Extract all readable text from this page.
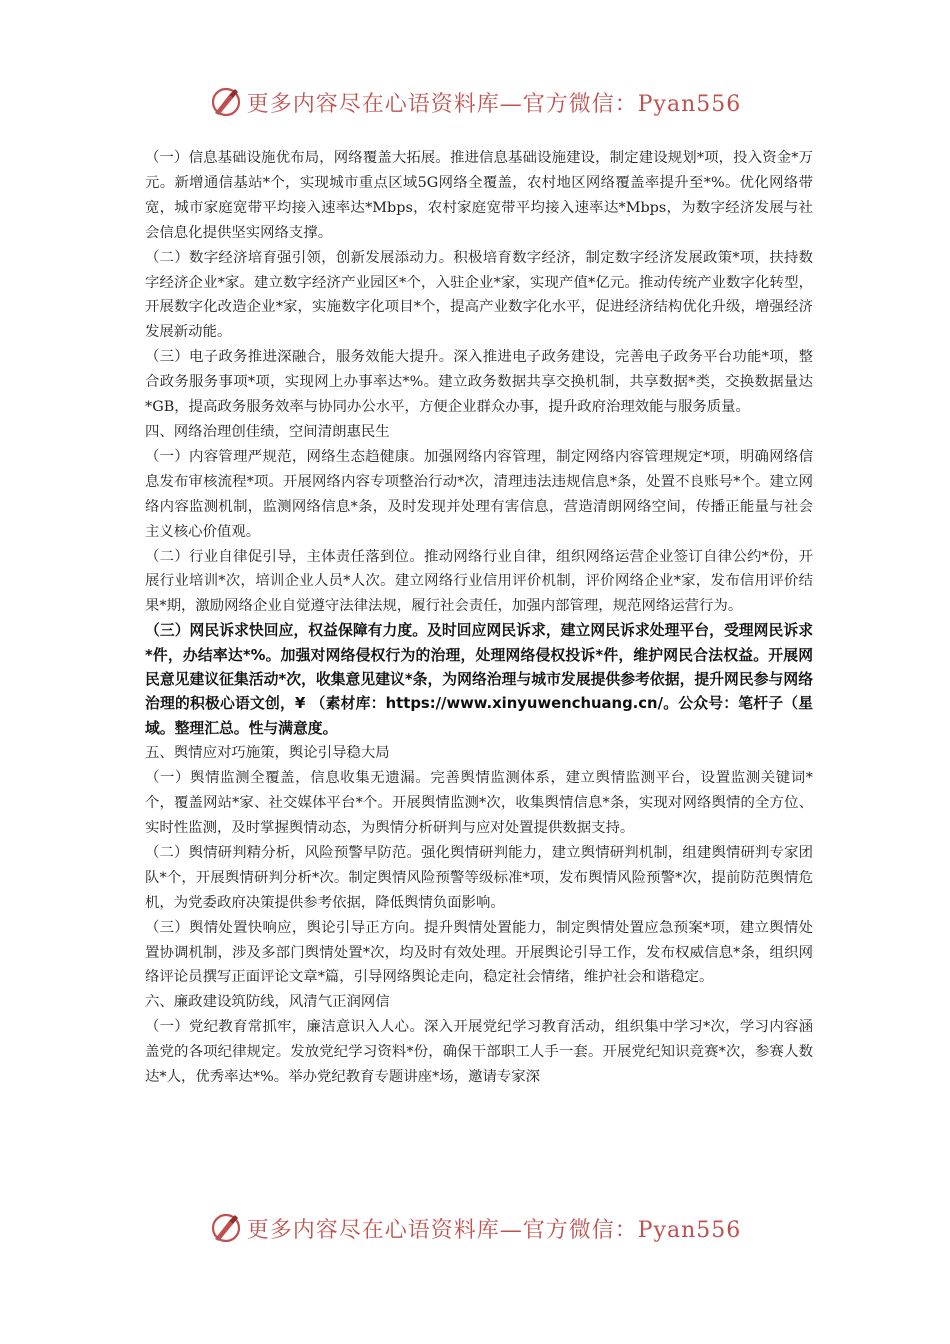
更多内容尽在心语资料库—官方微信：Pyan556

（一）信息基础设施优布局，网络覆盖大拓展。推进信息基础设施建设，制定建设规划*项，投入资金*万元。新增通信基站*个，实现城市重点区域5G网络全覆盖，农村地区网络覆盖率提升至*%。优化网络带宽，城市家庭宽带平均接入速率达*Mbps，农村家庭宽带平均接入速率达*Mbps，为数字经济发展与社会信息化提供坚实网络支撑。

（二）数字经济培育强引领，创新发展添动力。积极培育数字经济，制定数字经济发展政策*项，扶持数字经济企业*家。建立数字经济产业园区*个，入驻企业*家，实现产值*亿元。推动传统产业数字化转型，开展数字化改造企业*家，实施数字化项目*个，提高产业数字化水平，促进经济结构优化升级，增强经济发展新动能。

（三）电子政务推进深融合，服务效能大提升。深入推进电子政务建设，完善电子政务平台功能*项，整合政务服务事项*项，实现网上办事率达*%。建立政务数据共享交换机制，共享数据*类，交换数据量达*GB，提高政务服务效率与协同办公水平，方便企业群众办事，提升政府治理效能与服务质量。

四、网络治理创佳绩，空间清朗惠民生

（一）内容管理严规范，网络生态趋健康。加强网络内容管理，制定网络内容管理规定*项，明确网络信息发布审核流程*项。开展网络内容专项整治行动*次，清理违法违规信息*条，处置不良账号*个。建立网络内容监测机制，监测网络信息*条，及时发现并处理有害信息，营造清朗网络空间，传播正能量与社会主义核心价值观。

（二）行业自律促引导，主体责任落到位。推动网络行业自律，组织网络运营企业签订自律公约*份，开展行业培训*次，培训企业人员*人次。建立网络行业信用评价机制，评价网络企业*家，发布信用评价结果*期，激励网络企业自觉遵守法律法规，履行社会责任，加强内部管理，规范网络运营行为。

（三）网民诉求快回应，权益保障有力度。及时回应网民诉求，建立网民诉求处理平台，受理网民诉求*件，办结率达*%。加强对网络侵权行为的治理，处理网络侵权投诉*件，维护网民合法权益。开展网民意见建议征集活动*次，收集意见建议*条，为网络治理与城市发展提供参考依据，提升网民参与网络治理的积极心语文创，¥ （素材库：https://www.xinyuwenchuang.cn/。公众号：笔杆子（星域。整理汇总。性与满意度。

五、舆情应对巧施策，舆论引导稳大局

（一）舆情监测全覆盖，信息收集无遗漏。完善舆情监测体系，建立舆情监测平台，设置监测关键词*个，覆盖网站*家、社交媒体平台*个。开展舆情监测*次，收集舆情信息*条，实现对网络舆情的全方位、实时性监测，及时掌握舆情动态，为舆情分析研判与应对处置提供数据支持。

（二）舆情研判精分析，风险预警早防范。强化舆情研判能力，建立舆情研判机制，组建舆情研判专家团队*个，开展舆情研判分析*次。制定舆情风险预警等级标准*项，发布舆情风险预警*次，提前防范舆情危机，为党委政府决策提供参考依据，降低舆情负面影响。

（三）舆情处置快响应，舆论引导正方向。提升舆情处置能力，制定舆情处置应急预案*项，建立舆情处置协调机制，涉及多部门舆情处置*次，均及时有效处理。开展舆论引导工作，发布权威信息*条，组织网络评论员撰写正面评论文章*篇，引导网络舆论走向，稳定社会情绪，维护社会和谐稳定。

六、廉政建设筑防线，风清气正润网信

（一）党纪教育常抓牢，廉洁意识入人心。深入开展党纪学习教育活动，组织集中学习*次，学习内容涵盖党的各项纪律规定。发放党纪学习资料*份，确保干部职工人手一套。开展党纪知识竞赛*次，参赛人数达*人，优秀率达*%。举办党纪教育专题讲座*场，邀请专家深

更多内容尽在心语资料库—官方微信：Pyan556
